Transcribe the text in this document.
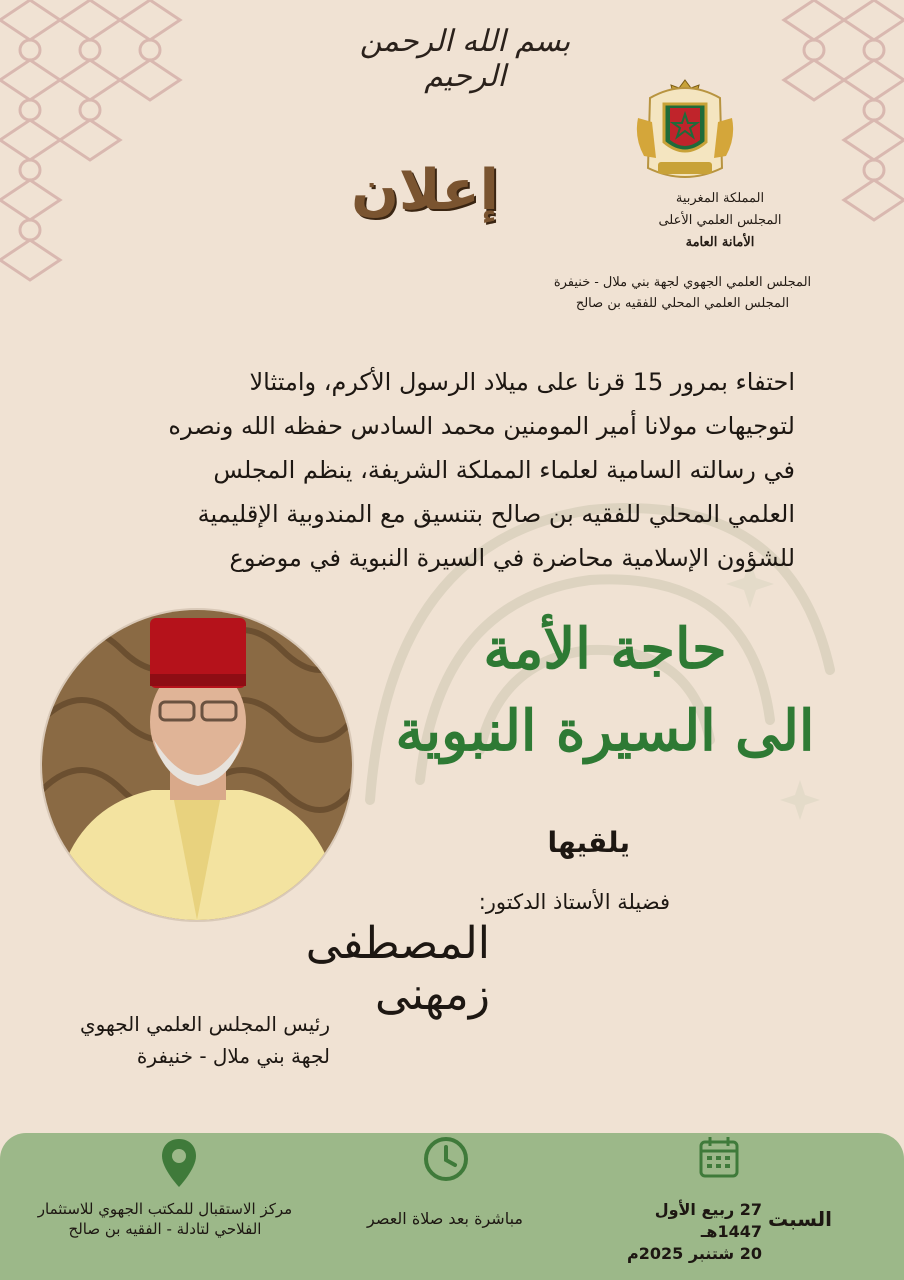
بسم الله الرحمن الرحيم
إعلان	المملكة المغربية
المجلس العلمي الأعلى
الأمانة العامة
المجلس العلمي الجهوي لجهة بني ملال - خنيفرة
المجلس العلمي المحلي للفقيه بن صالح
احتفاء بمرور 15 قرنا على ميلاد الرسول الأكرم، وامتثالا
لتوجيهات مولانا أمير المومنين محمد السادس حفظه الله ونصره
في رسالته السامية لعلماء المملكة الشريفة، ينظم المجلس
العلمي المحلي للفقيه بن صالح بتنسيق مع المندوبية الإقليمية
للشؤون الإسلامية محاضرة في السيرة النبوية في موضوع
حاجة الأمة
الى السيرة النبوية
يلقيها
فضيلة الأستاذ الدكتور:
المصطفى زمهنى
رئيس المجلس العلمي الجهوي
لجهة بني ملال - خنيفرة
مركز الاستقبال للمكتب الجهوي للاستثمار
الفلاحي لتادلة - الفقيه بن صالح
مباشرة بعد صلاة العصر	27 ربيع الأول 1447هـ
20 شتنبر 2025م
السبت
